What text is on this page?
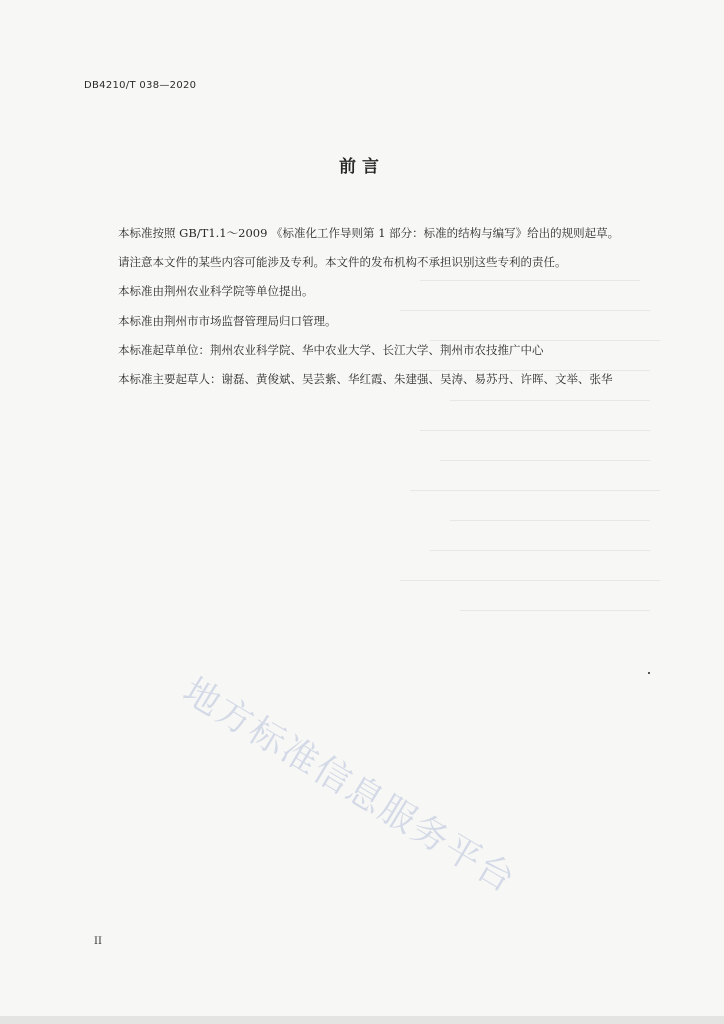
DB4210/T 038—2020
前言

本标准按照 GB/T1.1～2009 《标准化工作导则第 1 部分：标准的结构与编写》给出的规则起草。

请注意本文件的某些内容可能涉及专利。本文件的发布机构不承担识别这些专利的责任。

本标准由荆州农业科学院等单位提出。

本标准由荆州市市场监督管理局归口管理。

本标准起草单位：荆州农业科学院、华中农业大学、长江大学、荆州市农技推广中心

本标准主要起草人：谢磊、黄俊斌、吴芸紫、华红霞、朱建强、吴涛、易苏丹、许晖、文举、张华

地方标准信息服务平台
II
